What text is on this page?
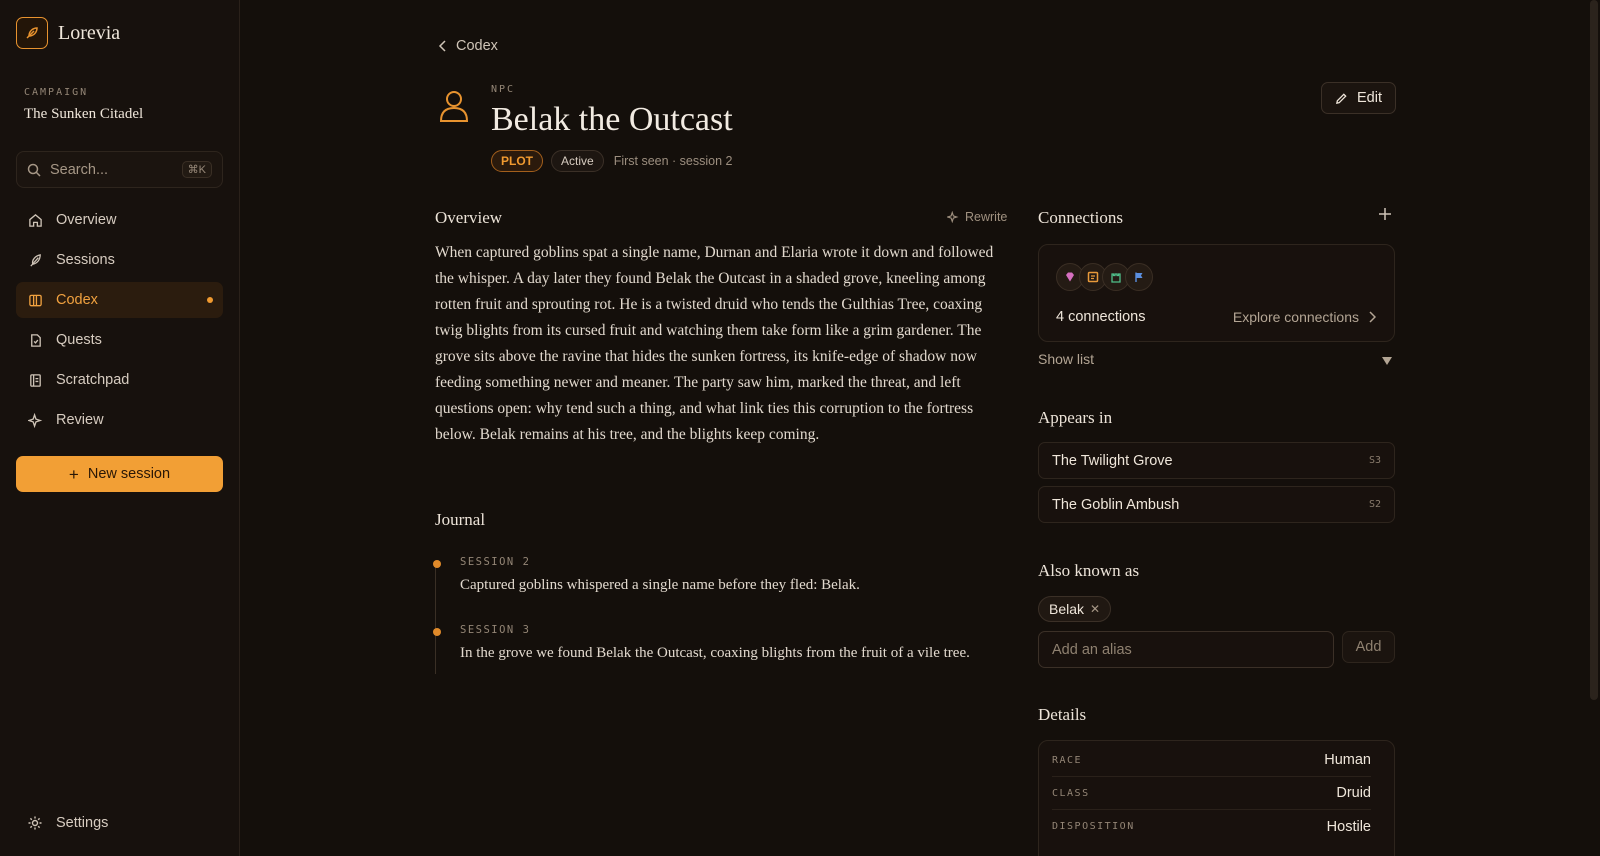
Lorevia
CAMPAIGN
The Sunken Citadel
Search...	⌘K
Overview
Sessions
Codex
Quests
Scratchpad
Review
+ New session
Settings
Codex
NPC
Belak the Outcast
PLOT	Active	First seen · session 2
Edit
Overview	Rewrite

When captured goblins spat a single name, Durnan and Elaria wrote it down and followed the whisper. A day later they found Belak the Outcast in a shaded grove, kneeling among rotten fruit and sprouting rot. He is a twisted druid who tends the Gulthias Tree, coaxing twig blights from its cursed fruit and watching them take form like a grim gardener. The grove sits above the ravine that hides the sunken fortress, its knife-edge of shadow now feeding something newer and meaner. The party saw him, marked the threat, and left questions open: why tend such a thing, and what link ties this corruption to the fortress below. Belak remains at his tree, and the blights keep coming.

Journal
SESSION 2
Captured goblins whispered a single name before they fled: Belak.
SESSION 3
In the grove we found Belak the Outcast, coaxing blights from the fruit of a vile tree.
Connections
4 connections	Explore connections
Show list
Appears in
The Twilight Grove	S3
The Goblin Ambush	S2
Also known as
Belak ✕
Add an alias	Add
Details
RACE	Human
CLASS	Druid
DISPOSITION	Hostile
